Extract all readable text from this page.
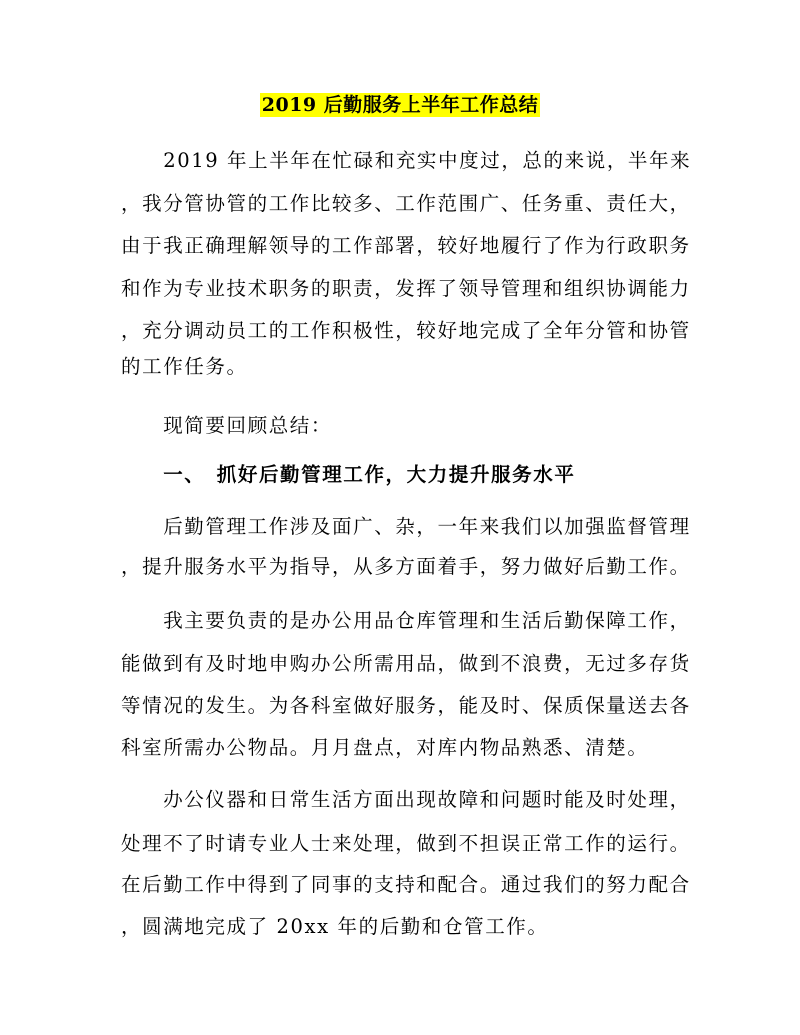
2019 后勤服务上半年工作总结
　　2019 年上半年在忙碌和充实中度过，总的来说，半年来
，我分管协管的工作比较多、工作范围广、任务重、责任大，
由于我正确理解领导的工作部署，较好地履行了作为行政职务
和作为专业技术职务的职责，发挥了领导管理和组织协调能力
，充分调动员工的工作积极性，较好地完成了全年分管和协管
的工作任务。
　　现简要回顾总结：
　　一、　抓好后勤管理工作，大力提升服务水平
　　后勤管理工作涉及面广、杂，一年来我们以加强监督管理
，提升服务水平为指导，从多方面着手，努力做好后勤工作。
　　我主要负责的是办公用品仓库管理和生活后勤保障工作，
能做到有及时地申购办公所需用品，做到不浪费，无过多存货
等情况的发生。为各科室做好服务，能及时、保质保量送去各
科室所需办公物品。月月盘点，对库内物品熟悉、清楚。
　　办公仪器和日常生活方面出现故障和问题时能及时处理，
处理不了时请专业人士来处理，做到不担误正常工作的运行。
在后勤工作中得到了同事的支持和配合。通过我们的努力配合
，圆满地完成了 20xx 年的后勤和仓管工作。
